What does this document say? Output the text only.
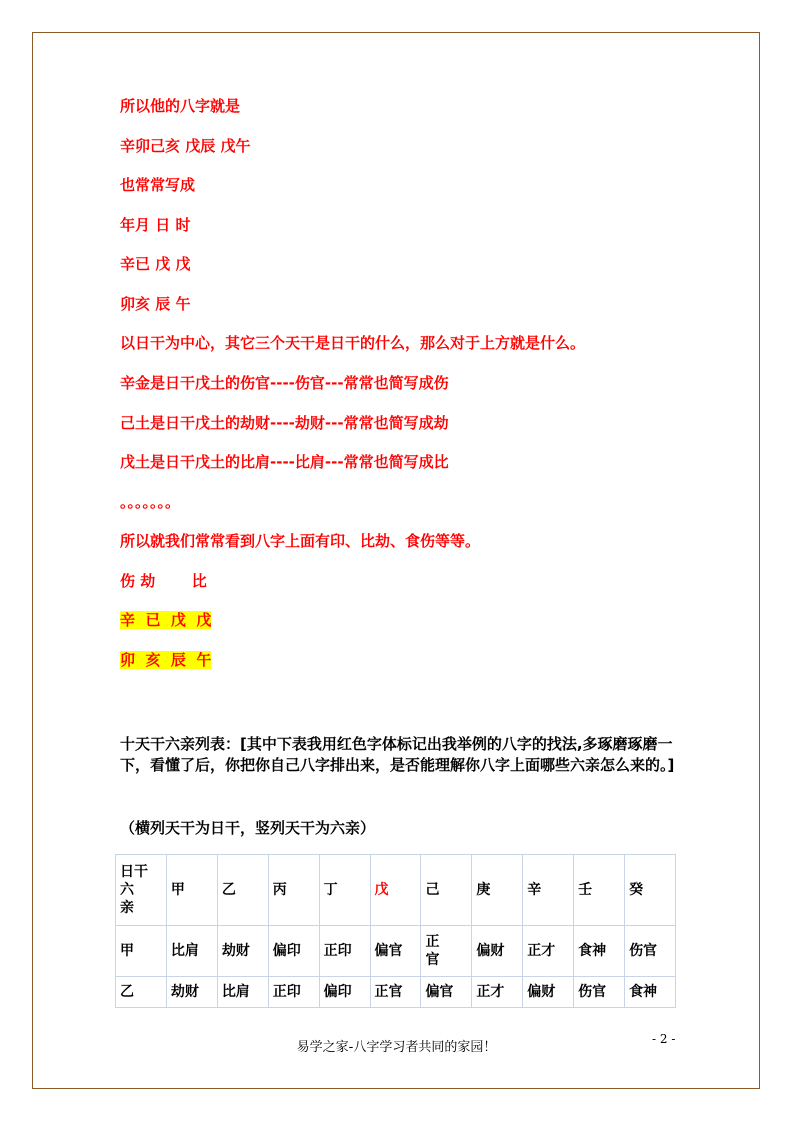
所以他的八字就是

辛卯己亥 戊辰 戊午

也常常写成

年月 日 时

辛已 戊 戊

卯亥 辰 午

以日干为中心，其它三个天干是日干的什么，那么对于上方就是什么。

辛金是日干戊土的伤官----伤官---常常也简写成伤

己土是日干戊土的劫财----劫财---常常也简写成劫

戊土是日干戊土的比肩----比肩---常常也简写成比

。。。。。。。

所以就我们常常看到八字上面有印、比劫、食伤等等。

伤 劫       比

辛  已  戊  戊

卯  亥  辰  午

十天干六亲列表：[其中下表我用红色字体标记出我举例的八字的找法,多琢磨琢磨一下，看懂了后，你把你自己八字排出来，是否能理解你八字上面哪些六亲怎么来的。]

（横列天干为日干，竖列天干为六亲）

日干
六
亲	甲	乙	丙	丁	戊	己	庚	辛	壬	癸
甲	比肩	劫财	偏印	正印	偏官	正
官	偏财	正才	食神	伤官
乙	劫财	比肩	正印	偏印	正官	偏官	正才	偏财	伤官	食神

易学之家-八字学习者共同的家园！

- 2 -
